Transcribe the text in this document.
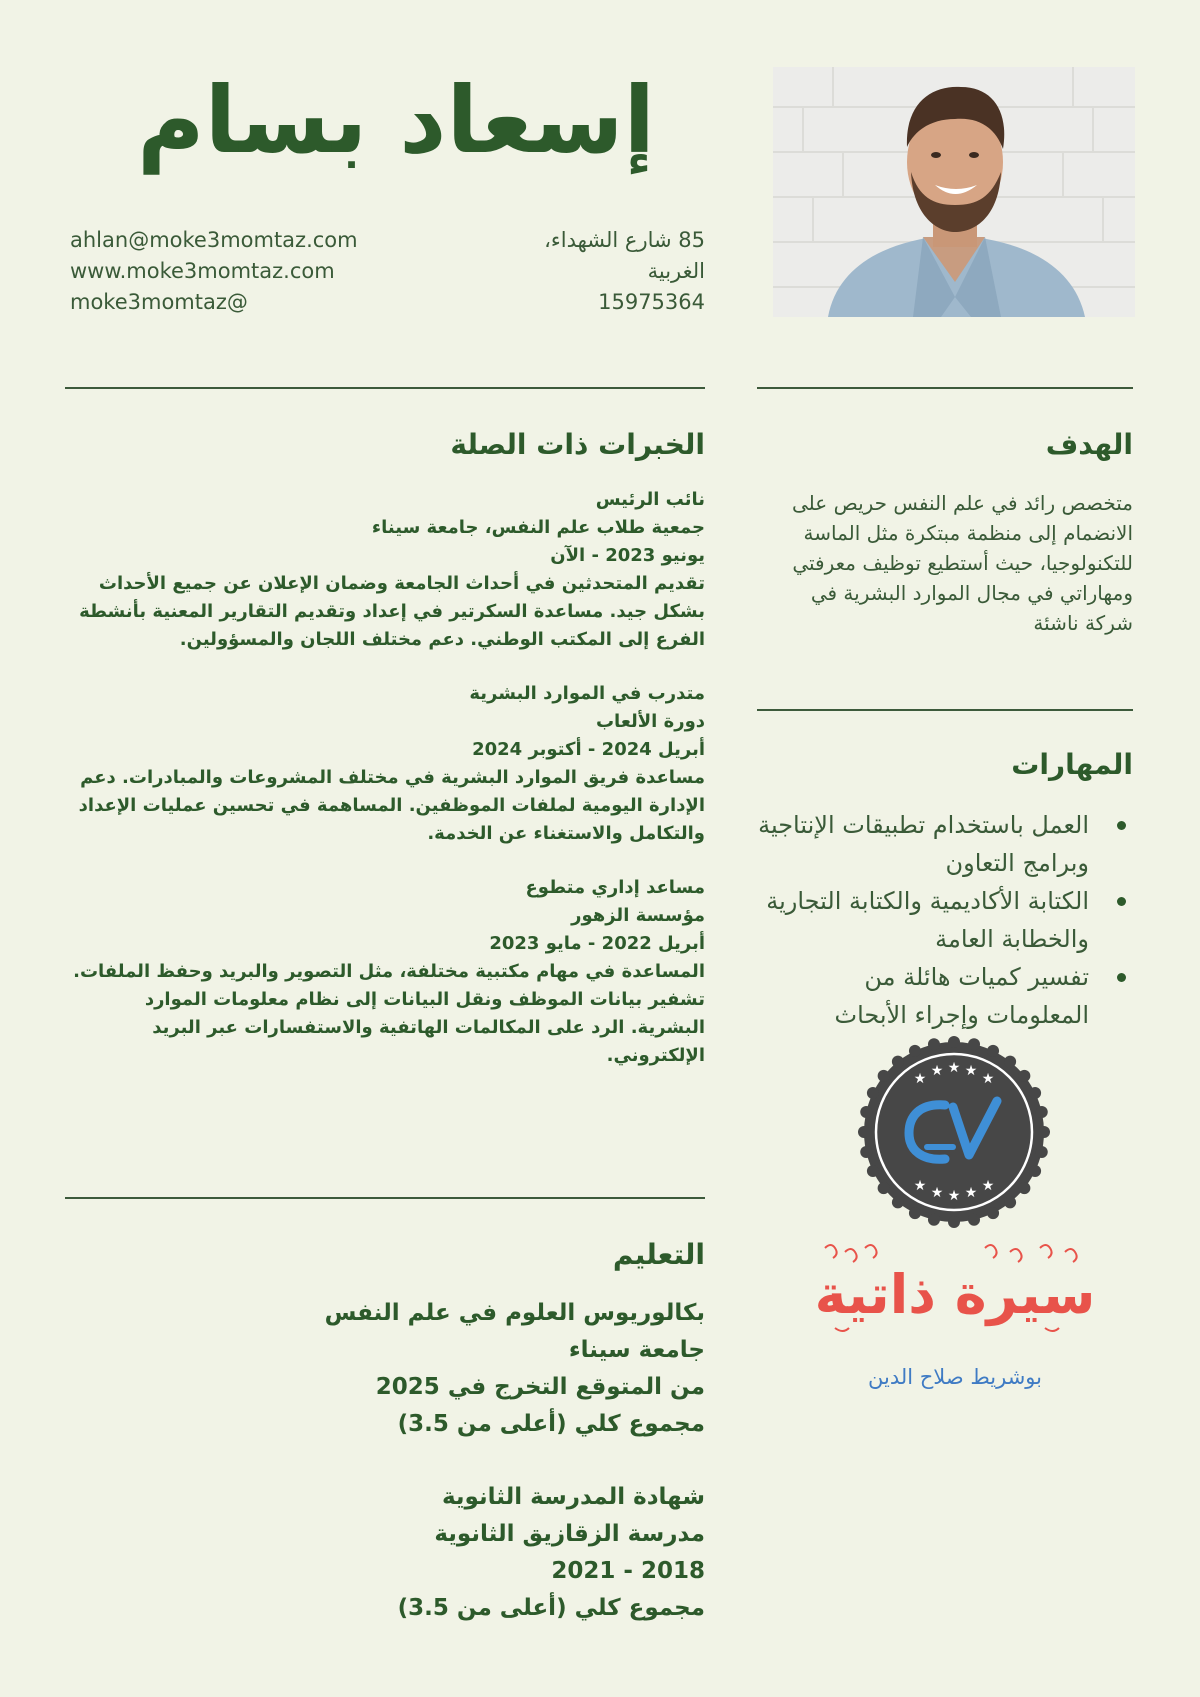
إسعاد بسام
85 شارع الشهداء،
الغربية
15975364
ahlan@moke3momtaz.com
www.moke3momtaz.com
moke3momtaz@
الهدف
متخصص رائد في علم النفس حريص على الانضمام إلى منظمة مبتكرة مثل الماسة للتكنولوجيا، حيث أستطيع توظيف معرفتي ومهاراتي في مجال الموارد البشرية في شركة ناشئة
المهارات
العمل باستخدام تطبيقات الإنتاجية وبرامج التعاون
الكتابة الأكاديمية والكتابة التجارية والخطابة العامة
تفسير كميات هائلة من المعلومات وإجراء الأبحاث
الخبرات ذات الصلة
نائب الرئيس
جمعية طلاب علم النفس، جامعة سيناء
يونيو 2023 - الآن
تقديم المتحدثين في أحداث الجامعة وضمان الإعلان عن جميع الأحداث بشكل جيد. مساعدة السكرتير في إعداد وتقديم التقارير المعنية بأنشطة الفرع إلى المكتب الوطني. دعم مختلف اللجان والمسؤولين.
متدرب في الموارد البشرية
دورة الألعاب
أبريل 2024 - أكتوبر 2024
مساعدة فريق الموارد البشرية في مختلف المشروعات والمبادرات. دعم الإدارة اليومية لملفات الموظفين. المساهمة في تحسين عمليات الإعداد والتكامل والاستغناء عن الخدمة.
مساعد إداري متطوع
مؤسسة الزهور
أبريل 2022 - مايو 2023
المساعدة في مهام مكتبية مختلفة، مثل التصوير والبريد وحفظ الملفات. تشفير بيانات الموظف ونقل البيانات إلى نظام معلومات الموارد البشرية. الرد على المكالمات الهاتفية والاستفسارات عبر البريد الإلكتروني.
التعليم
بكالوريوس العلوم في علم النفس
جامعة سيناء
من المتوقع التخرج في 2025
مجموع كلي (أعلى من 3.5)
شهادة المدرسة الثانوية
مدرسة الزقازيق الثانوية
2018 - 2021
مجموع كلي (أعلى من 3.5)
★ ★ ★ ★ ★
★ ★ ★ ★ ★
سيرة ذاتية
بوشريط صلاح الدين
